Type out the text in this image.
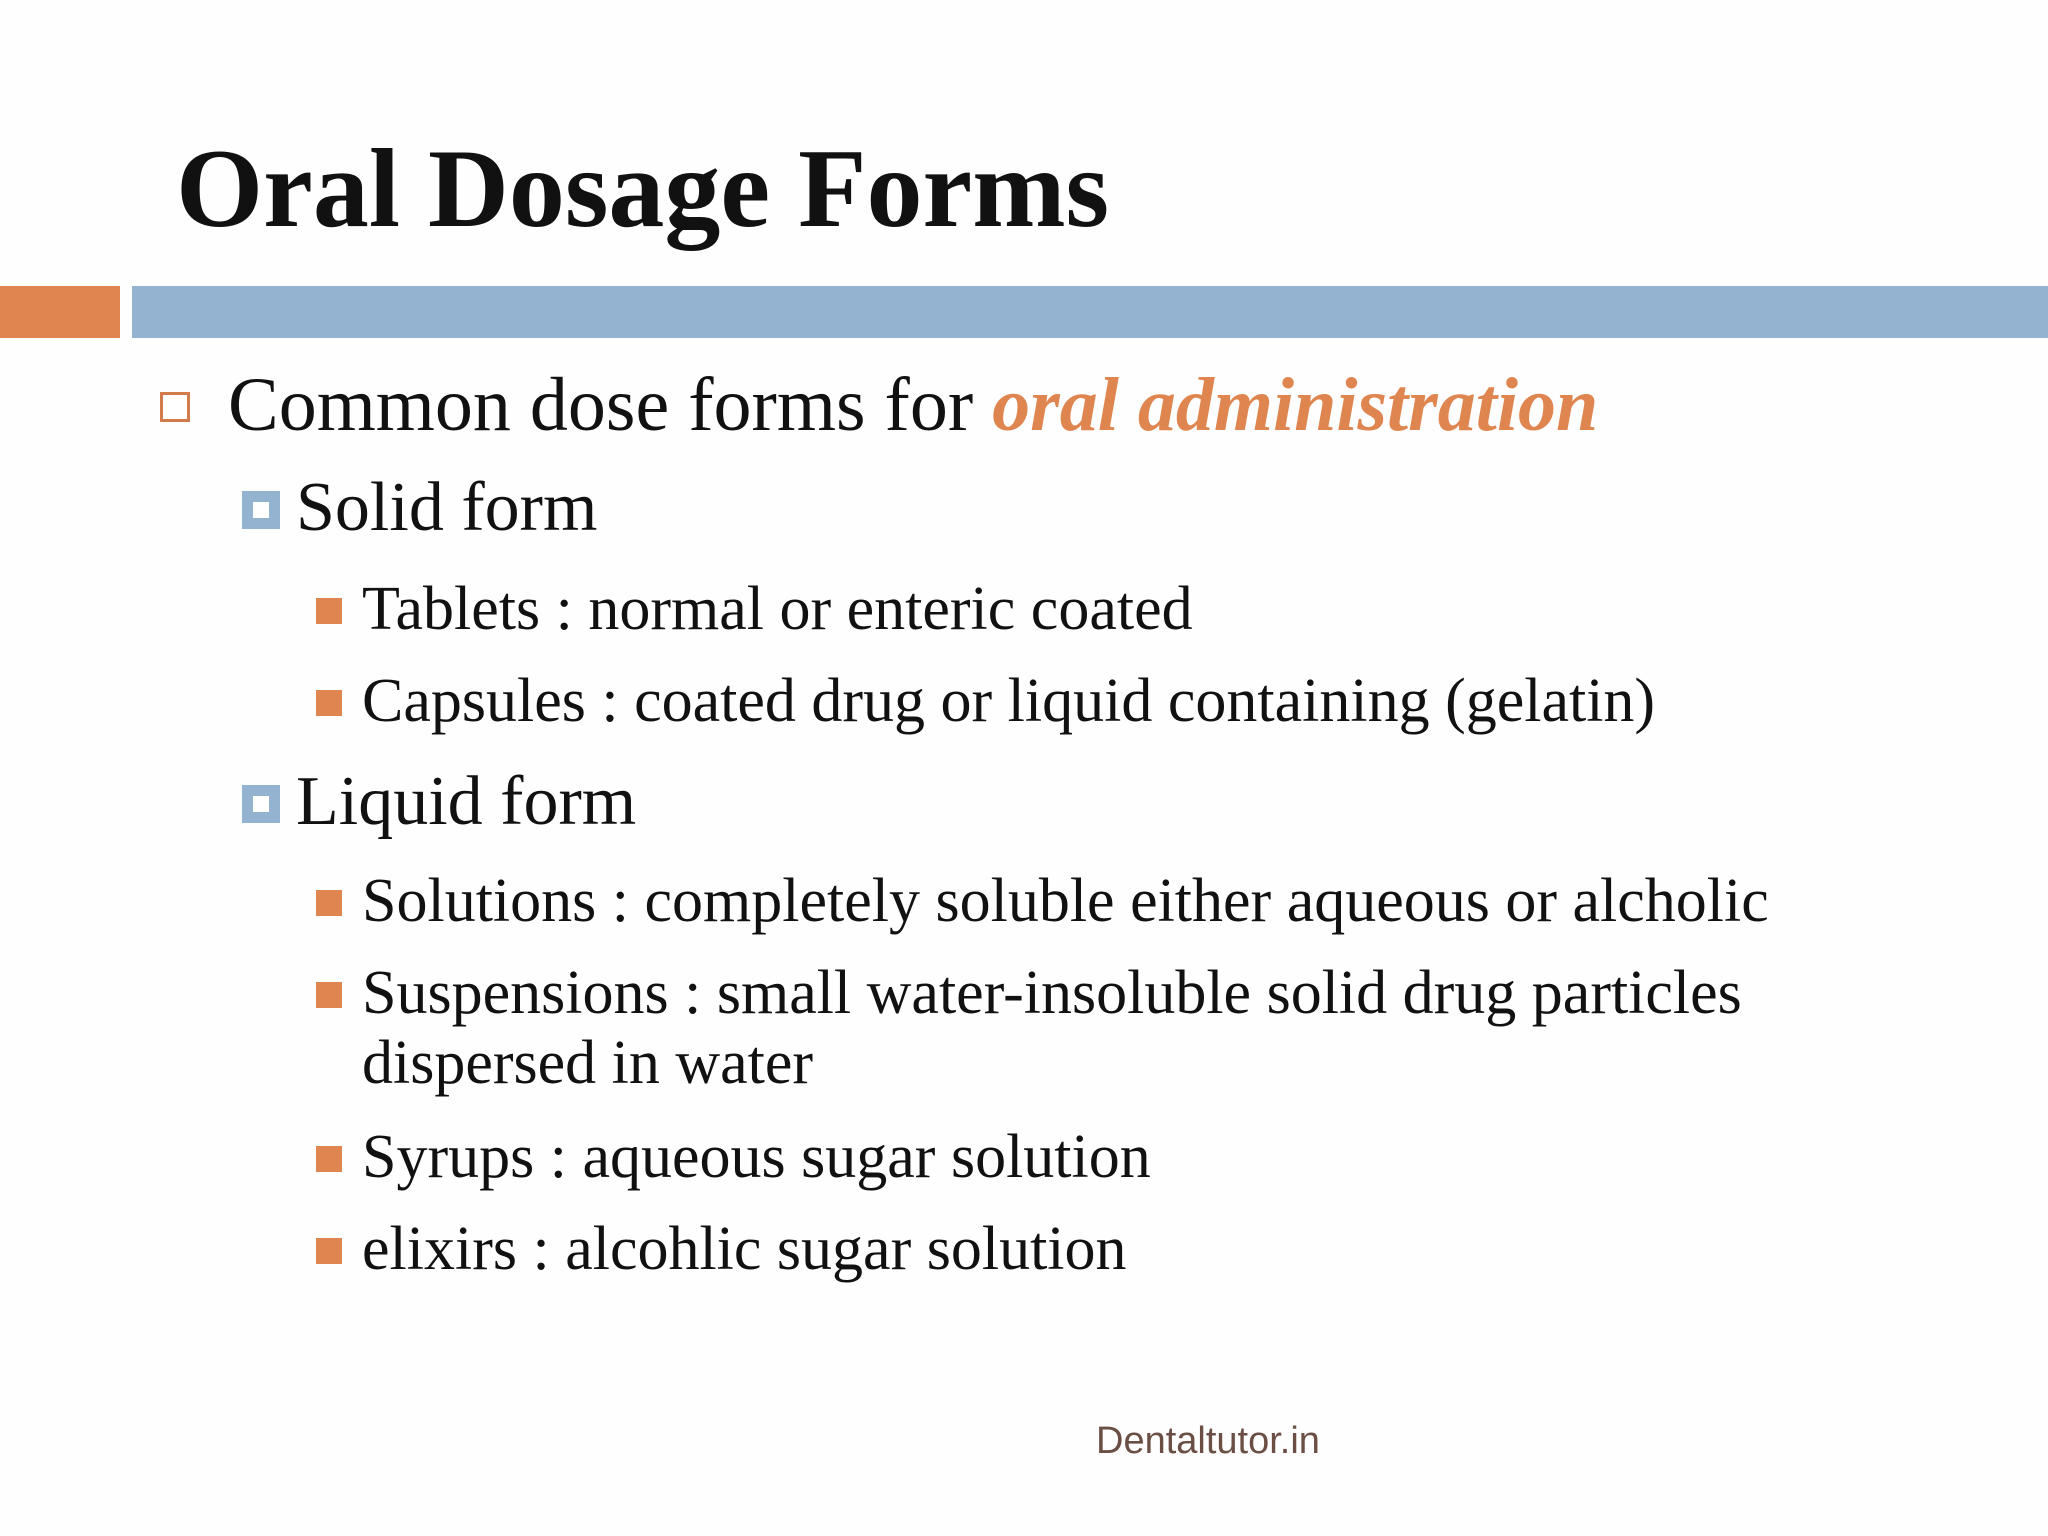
Oral Dosage Forms
Common dose forms for oral administration
Solid form
Tablets : normal or enteric coated
Capsules : coated drug or liquid containing (gelatin)
Liquid form
Solutions : completely soluble either aqueous or alcholic
Suspensions : small water-insoluble solid drug particles
dispersed in water
Syrups : aqueous sugar solution
elixirs : alcohlic sugar solution
Dentaltutor.in
